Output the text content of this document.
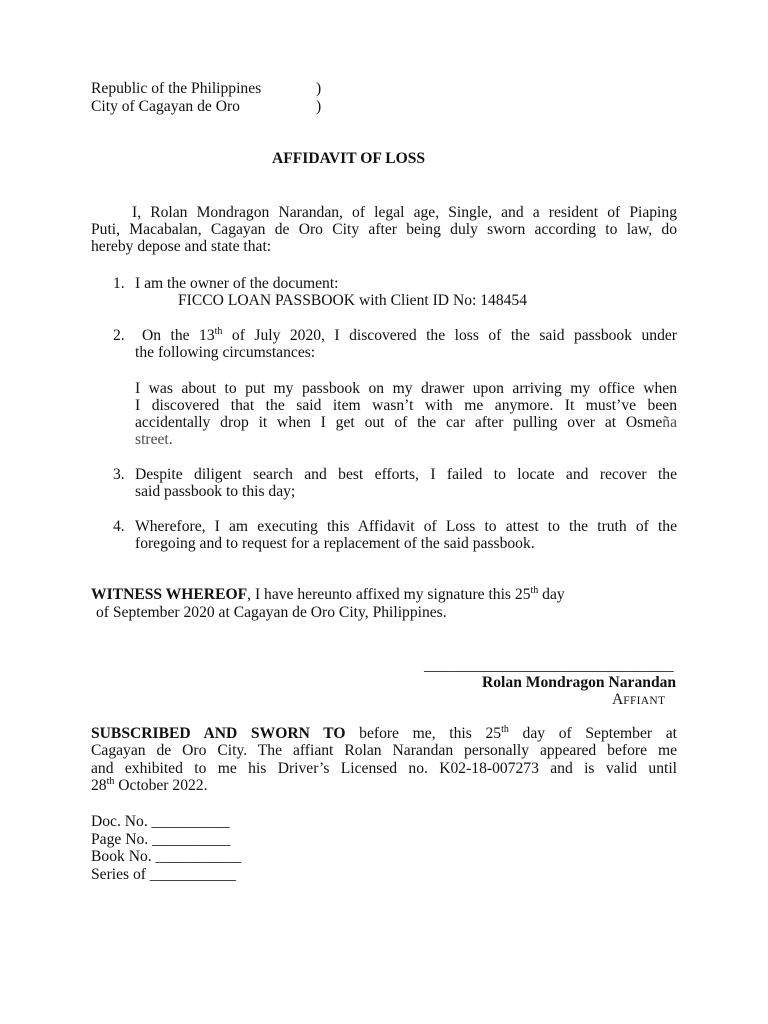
Republic of the Philippines	)
City of Cagayan de Oro	)
AFFIDAVIT OF LOSS
I, Rolan Mondragon Narandan, of legal age, Single, and a resident of Piaping
Puti, Macabalan, Cagayan de Oro City after being duly sworn according to law, do
hereby depose and state that:
1. I am the owner of the document:
FICCO LOAN PASSBOOK with Client ID No: 148454
2. On the 13th of July 2020, I discovered the loss of the said passbook under
the following circumstances:
I was about to put my passbook on my drawer upon arriving my office when
I discovered that the said item wasn’t with me anymore. It must’ve been
accidentally drop it when I get out of the car after pulling over at Osmeña
street.
3. Despite diligent search and best efforts, I failed to locate and recover the
said passbook to this day;
4. Wherefore, I am executing this Affidavit of Loss to attest to the truth of the
foregoing and to request for a replacement of the said passbook.
WITNESS WHEREOF, I have hereunto affixed my signature this 25th day
of September 2020 at Cagayan de Oro City, Philippines.
________________________________
Rolan Mondragon Narandan
AFFIANT
SUBSCRIBED AND SWORN TO before me, this 25th day of September at
Cagayan de Oro City. The affiant Rolan Narandan personally appeared before me
and exhibited to me his Driver’s Licensed no. K02-18-007273 and is valid until
28th October 2022.
Doc. No. __________
Page No. __________
Book No. ___________
Series of ___________
